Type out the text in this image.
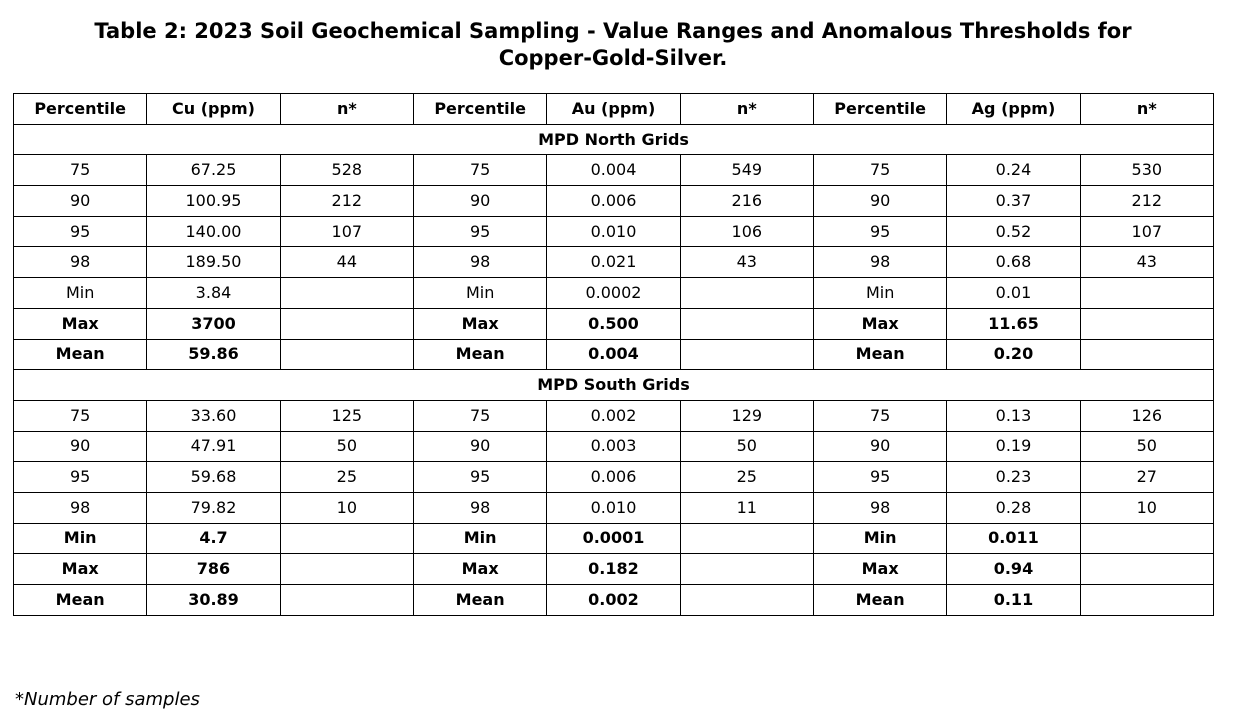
Table 2: 2023 Soil Geochemical Sampling - Value Ranges and Anomalous Thresholds for
Copper-Gold-Silver.
Percentile	Cu (ppm)	n*	Percentile	Au (ppm)	n*	Percentile	Ag (ppm)	n*
MPD North Grids								
75	67.25	528	75	0.004	549	75	0.24	530
90	100.95	212	90	0.006	216	90	0.37	212
95	140.00	107	95	0.010	106	95	0.52	107
98	189.50	44	98	0.021	43	98	0.68	43
Min	3.84		Min	0.0002		Min	0.01	
Max	3700		Max	0.500		Max	11.65	
Mean	59.86		Mean	0.004		Mean	0.20	
MPD South Grids								
75	33.60	125	75	0.002	129	75	0.13	126
90	47.91	50	90	0.003	50	90	0.19	50
95	59.68	25	95	0.006	25	95	0.23	27
98	79.82	10	98	0.010	11	98	0.28	10
Min	4.7		Min	0.0001		Min	0.011	
Max	786		Max	0.182		Max	0.94	
Mean	30.89		Mean	0.002		Mean	0.11	

*Number of samples
